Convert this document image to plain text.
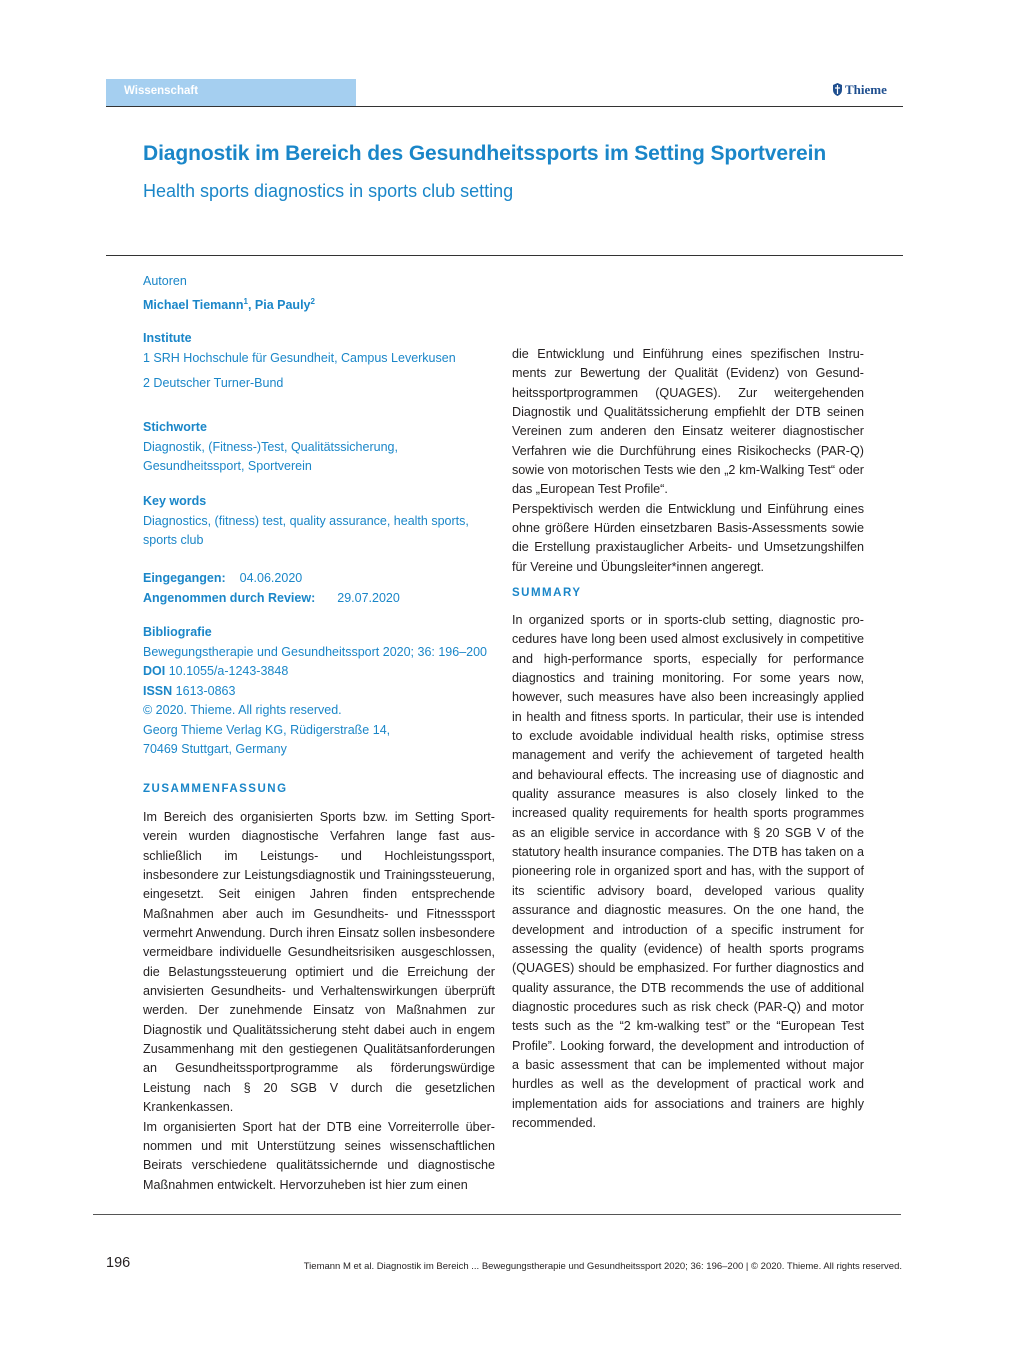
Wissenschaft	Thieme
Diagnostik im Bereich des Gesundheitssports im Setting Sportverein
Health sports diagnostics in sports club setting
Autoren
Michael Tiemann$^1$, Pia Pauly$^2$
Institute
1 SRH Hochschule für Gesundheit, Campus Leverkusen
2 Deutscher Turner-Bund
Stichworte
Diagnostik, (Fitness-)Test, Qualitätssicherung, Gesundheitssport, Sportverein
Key words
Diagnostics, (fitness) test, quality assurance, health sports, sports club
Eingegangen: 04.06.2020
Angenommen durch Review: 29.07.2020
Bibliografie
Bewegungstherapie und Gesundheitssport 2020; 36: 196–200
DOI 10.1055/a-1243-3848
ISSN 1613-0863
© 2020. Thieme. All rights reserved.
Georg Thieme Verlag KG, Rüdigerstraße 14,
70469 Stuttgart, Germany
ZUSAMMENFASSUNG

Im Bereich des organisierten Sports bzw. im Setting Sportverein wurden diagnostische Verfahren lange fast ausschließlich im Leistungs- und Hochleistungssport, insbesondere zur Leistungsdiagnostik und Trainingssteuerung, eingesetzt. Seit einigen Jahren finden entsprechende Maßnahmen aber auch im Gesundheits- und Fitnesssport vermehrt Anwendung. Durch ihren Einsatz sollen insbesondere vermeidbare individuelle Gesundheitsrisiken ausgeschlossen, die Belastungssteuerung optimiert und die Erreichung der anvisierten Gesundheits- und Verhaltenswirkungen überprüft werden. Der zunehmende Einsatz von Maßnahmen zur Diagnostik und Qualitätssicherung steht dabei auch in engem Zusammenhang mit den gestiegenen Qualitätsanforderungen an Gesundheitssportprogramme als förderungswürdige Leistung nach § 20 SGB V durch die gesetzlichen Krankenkassen.

Im organisierten Sport hat der DTB eine Vorreiterrolle übernommen und mit Unterstützung seines wissenschaftlichen Beirats verschiedene qualitätssichernde und diagnostische Maßnahmen entwickelt. Hervorzuheben ist hier zum einen

die Entwicklung und Einführung eines spezifischen Instruments zur Bewertung der Qualität (Evidenz) von Gesundheitssportprogrammen (QUAGES). Zur weitergehenden Diagnostik und Qualitätssicherung empfiehlt der DTB seinen Vereinen zum anderen den Einsatz weiterer diagnostischer Verfahren wie die Durchführung eines Risikochecks (PAR-Q) sowie von motorischen Tests wie den „2 km-Walking Test“ oder das „European Test Profile“.

Perspektivisch werden die Entwicklung und Einführung eines ohne größere Hürden einsetzbaren Basis-Assessments sowie die Erstellung praxistauglicher Arbeits- und Umsetzungshilfen für Vereine und Übungsleiter*innen angeregt.

SUMMARY

In organized sports or in sports-club setting, diagnostic procedures have long been used almost exclusively in competitive and high-performance sports, especially for performance diagnostics and training monitoring. For some years now, however, such measures have also been increasingly applied in health and fitness sports. In particular, their use is intended to exclude avoidable individual health risks, optimise stress management and verify the achievement of targeted health and behavioural effects. The increasing use of diagnostic and quality assurance measures is also closely linked to the increased quality requirements for health sports programmes as an eligible service in accordance with § 20 SGB V of the statutory health insurance companies. The DTB has taken on a pioneering role in organized sport and has, with the support of its scientific advisory board, developed various quality assurance and diagnostic measures. On the one hand, the development and introduction of a specific instrument for assessing the quality (evidence) of health sports programs (QUAGES) should be emphasized. For further diagnostics and quality assurance, the DTB recommends the use of additional diagnostic procedures such as risk check (PAR-Q) and motor tests such as the “2 km-walking test” or the “European Test Profile”. Looking forward, the development and introduction of a basic assessment that can be implemented without major hurdles as well as the development of practical work and implementation aids for associations and trainers are highly recommended.

196	Tiemann M et al. Diagnostik im Bereich ... Bewegungstherapie und Gesundheitssport 2020; 36: 196–200 | © 2020. Thieme. All rights reserved.
